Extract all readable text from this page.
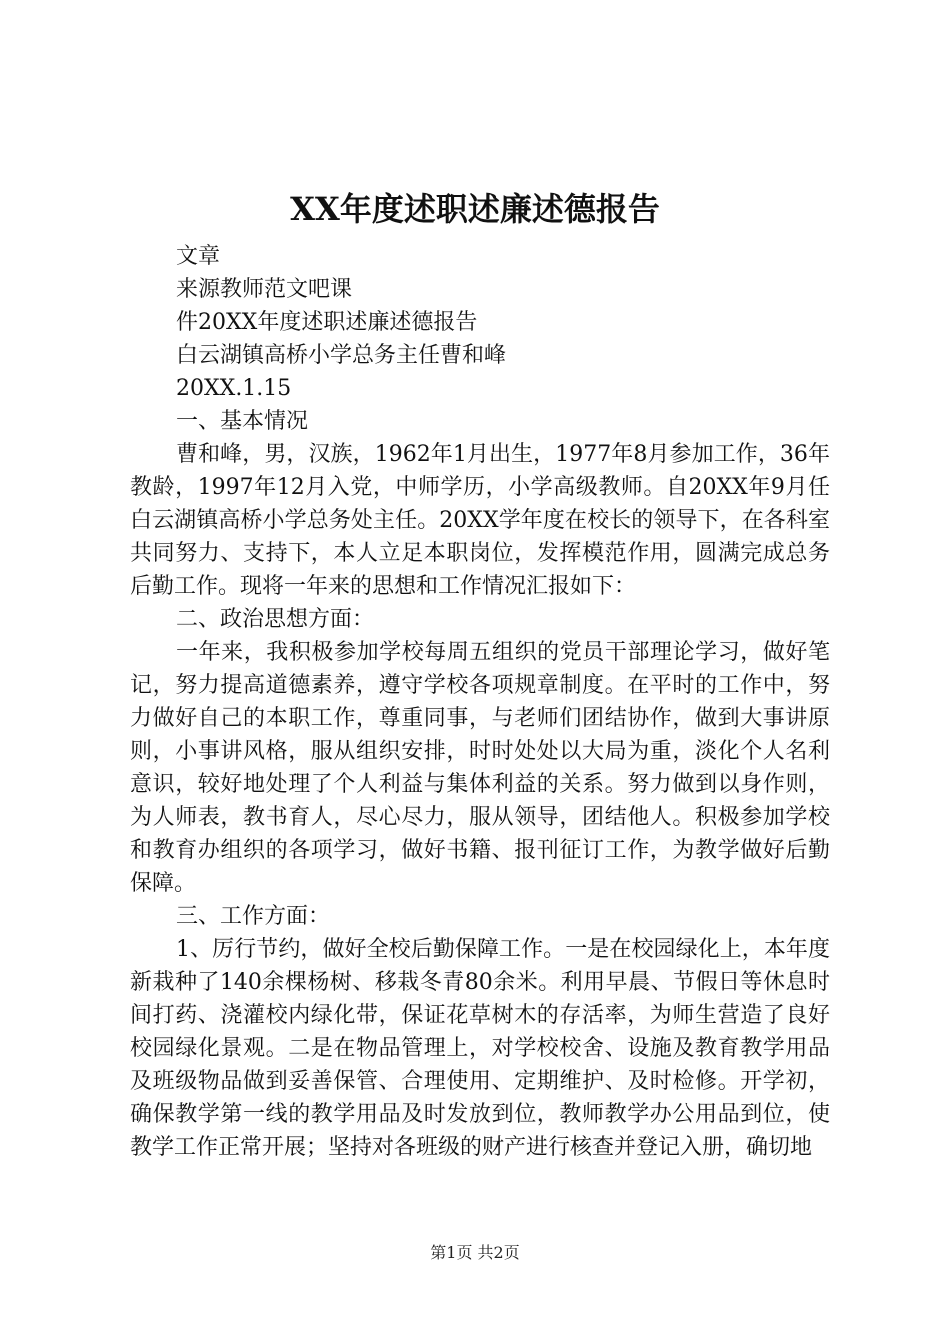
XX年度述职述廉述德报告

文章

来源教师范文吧课

件20XX年度述职述廉述德报告

白云湖镇高桥小学总务主任曹和峰

20XX.1.15

一、基本情况

曹和峰，男，汉族，1962年1月出生，1977年8月参加工作，36年教龄，1997年12月入党，中师学历，小学高级教师。自20XX年9月任白云湖镇高桥小学总务处主任。20XX学年度在校长的领导下，在各科室共同努力、支持下，本人立足本职岗位，发挥模范作用，圆满完成总务后勤工作。现将一年来的思想和工作情况汇报如下：

二、政治思想方面：

一年来，我积极参加学校每周五组织的党员干部理论学习，做好笔记，努力提高道德素养，遵守学校各项规章制度。在平时的工作中，努力做好自己的本职工作，尊重同事，与老师们团结协作，做到大事讲原则，小事讲风格，服从组织安排，时时处处以大局为重，淡化个人名利意识，较好地处理了个人利益与集体利益的关系。努力做到以身作则，为人师表，教书育人，尽心尽力，服从领导，团结他人。积极参加学校和教育办组织的各项学习，做好书籍、报刊征订工作，为教学做好后勤保障。

三、工作方面：

1、厉行节约，做好全校后勤保障工作。一是在校园绿化上，本年度新栽种了140余棵杨树、移栽冬青80余米。利用早晨、节假日等休息时间打药、浇灌校内绿化带，保证花草树木的存活率，为师生营造了良好校园绿化景观。二是在物品管理上，对学校校舍、设施及教育教学用品及班级物品做到妥善保管、合理使用、定期维护、及时检修。开学初，确保教学第一线的教学用品及时发放到位，教师教学办公用品到位，使教学工作正常开展；坚持对各班级的财产进行核查并登记入册，确切地

第1页 共2页
